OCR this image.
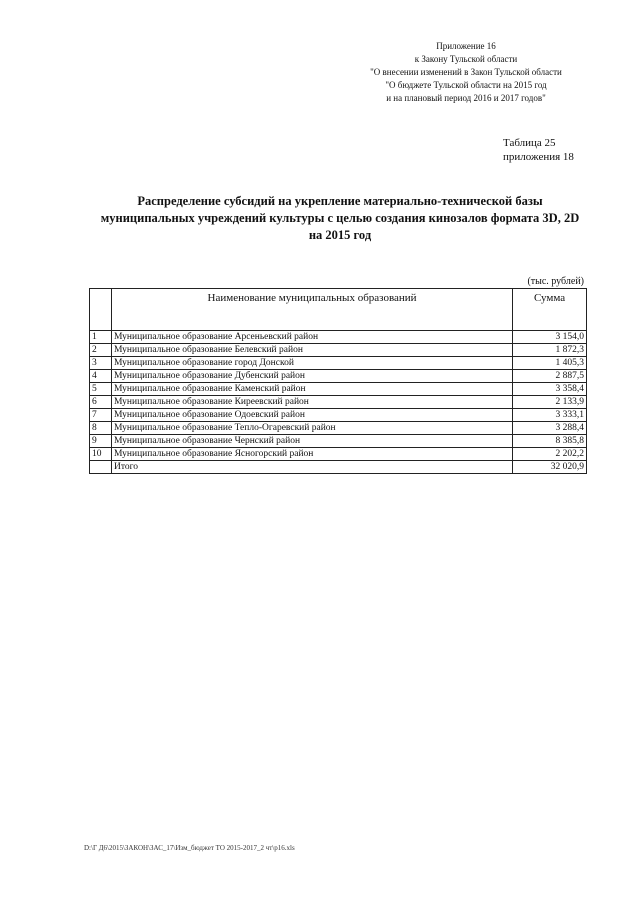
Приложение 16
к Закону Тульской области
"О внесении изменений в Закон Тульской области
"О бюджете Тульской области на 2015 год
и на плановый период 2016 и 2017 годов"
Таблица 25
приложения 18
Распределение субсидий на укрепление материально-технической базы
муниципальных учреждений культуры с целью создания кинозалов формата 3D, 2D
на 2015 год
(тыс. рублей)
	Наименование муниципальных образований	Сумма
1	Муниципальное образование Арсеньевский район	3 154,0
2	Муниципальное образование Белевский район	1 872,3
3	Муниципальное образование город Донской	1 405,3
4	Муниципальное образование Дубенский район	2 887,5
5	Муниципальное образование Каменский район	3 358,4
6	Муниципальное образование Киреевский район	2 133,9
7	Муниципальное образование Одоевский район	3 333,1
8	Муниципальное образование Тепло-Огаревский район	3 288,4
9	Муниципальное образование Чернский район	8 385,8
10	Муниципальное образование Ясногорский район	2 202,2
	Итого	32 020,9
D:\Г Д6\2015\ЗАКОН\ЗАС_17\Изм_бюджет ТО 2015-2017_2 чт\p16.xls
